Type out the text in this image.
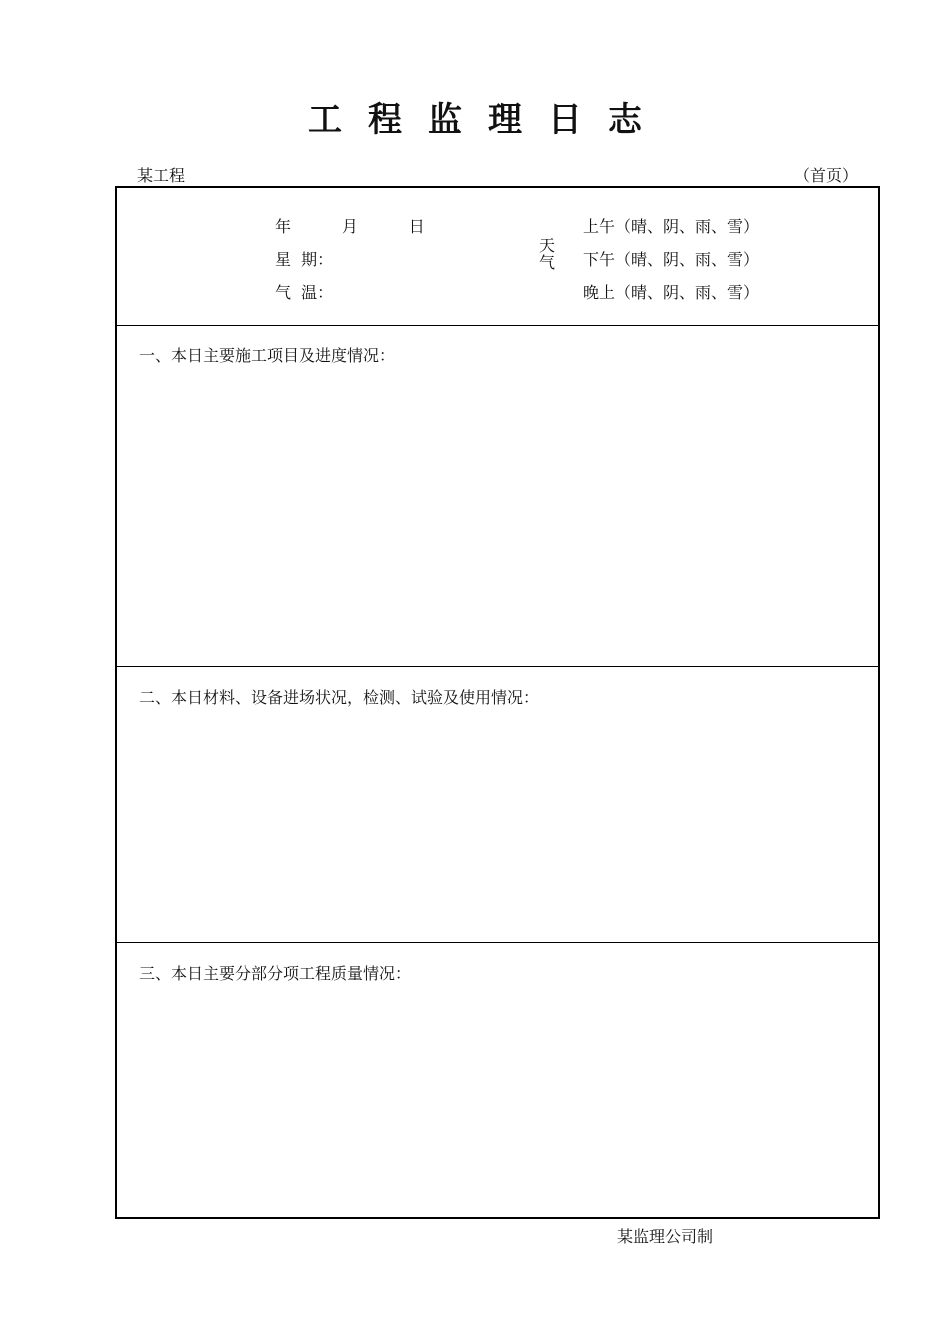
工程监理日志
某工程	（首页）
年          月          日
星  期：
气  温：
天
气
上午（晴、阴、雨、雪）
下午（晴、阴、雨、雪）
晚上（晴、阴、雨、雪）
一、本日主要施工项目及进度情况：
二、本日材料、设备进场状况，检测、试验及使用情况：
三、本日主要分部分项工程质量情况：
某监理公司制
